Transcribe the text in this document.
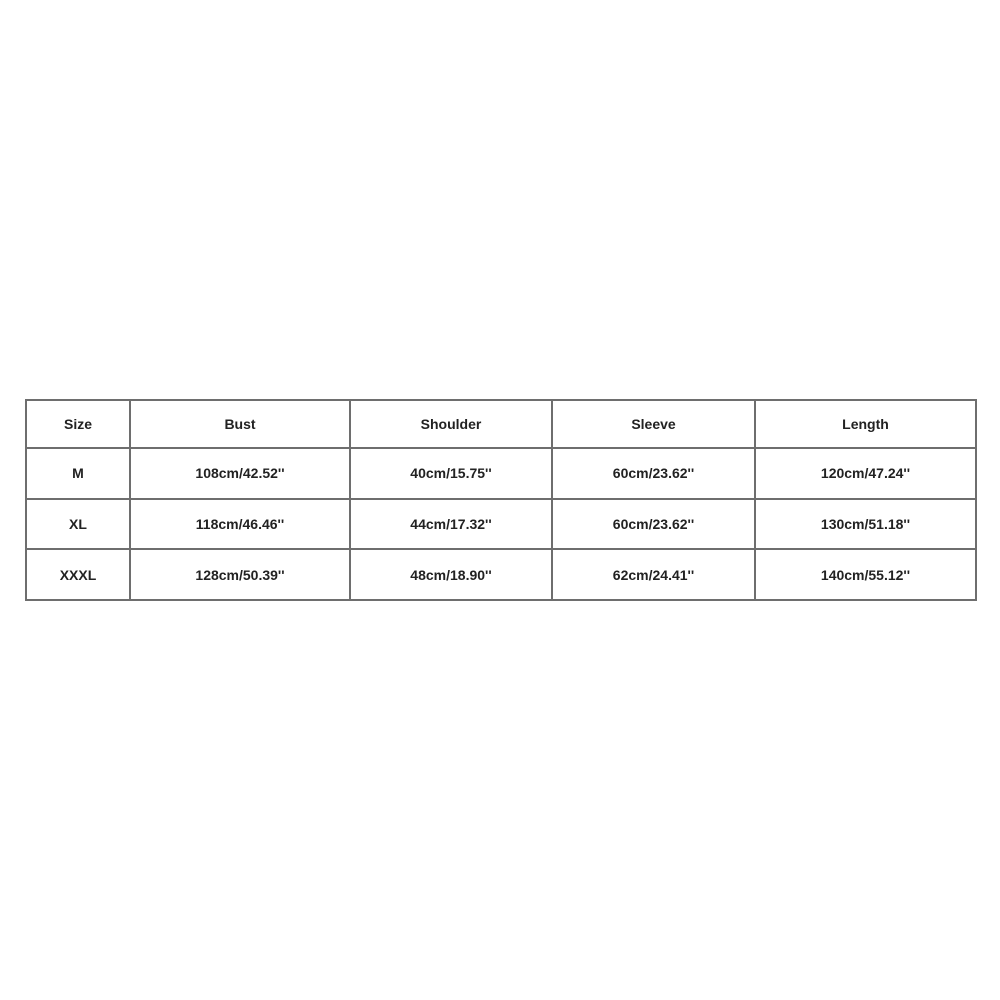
Size	Bust	Shoulder	Sleeve	Length
M	108cm/42.52''	40cm/15.75''	60cm/23.62''	120cm/47.24''
XL	118cm/46.46''	44cm/17.32''	60cm/23.62''	130cm/51.18''
XXXL	128cm/50.39''	48cm/18.90''	62cm/24.41''	140cm/55.12''
